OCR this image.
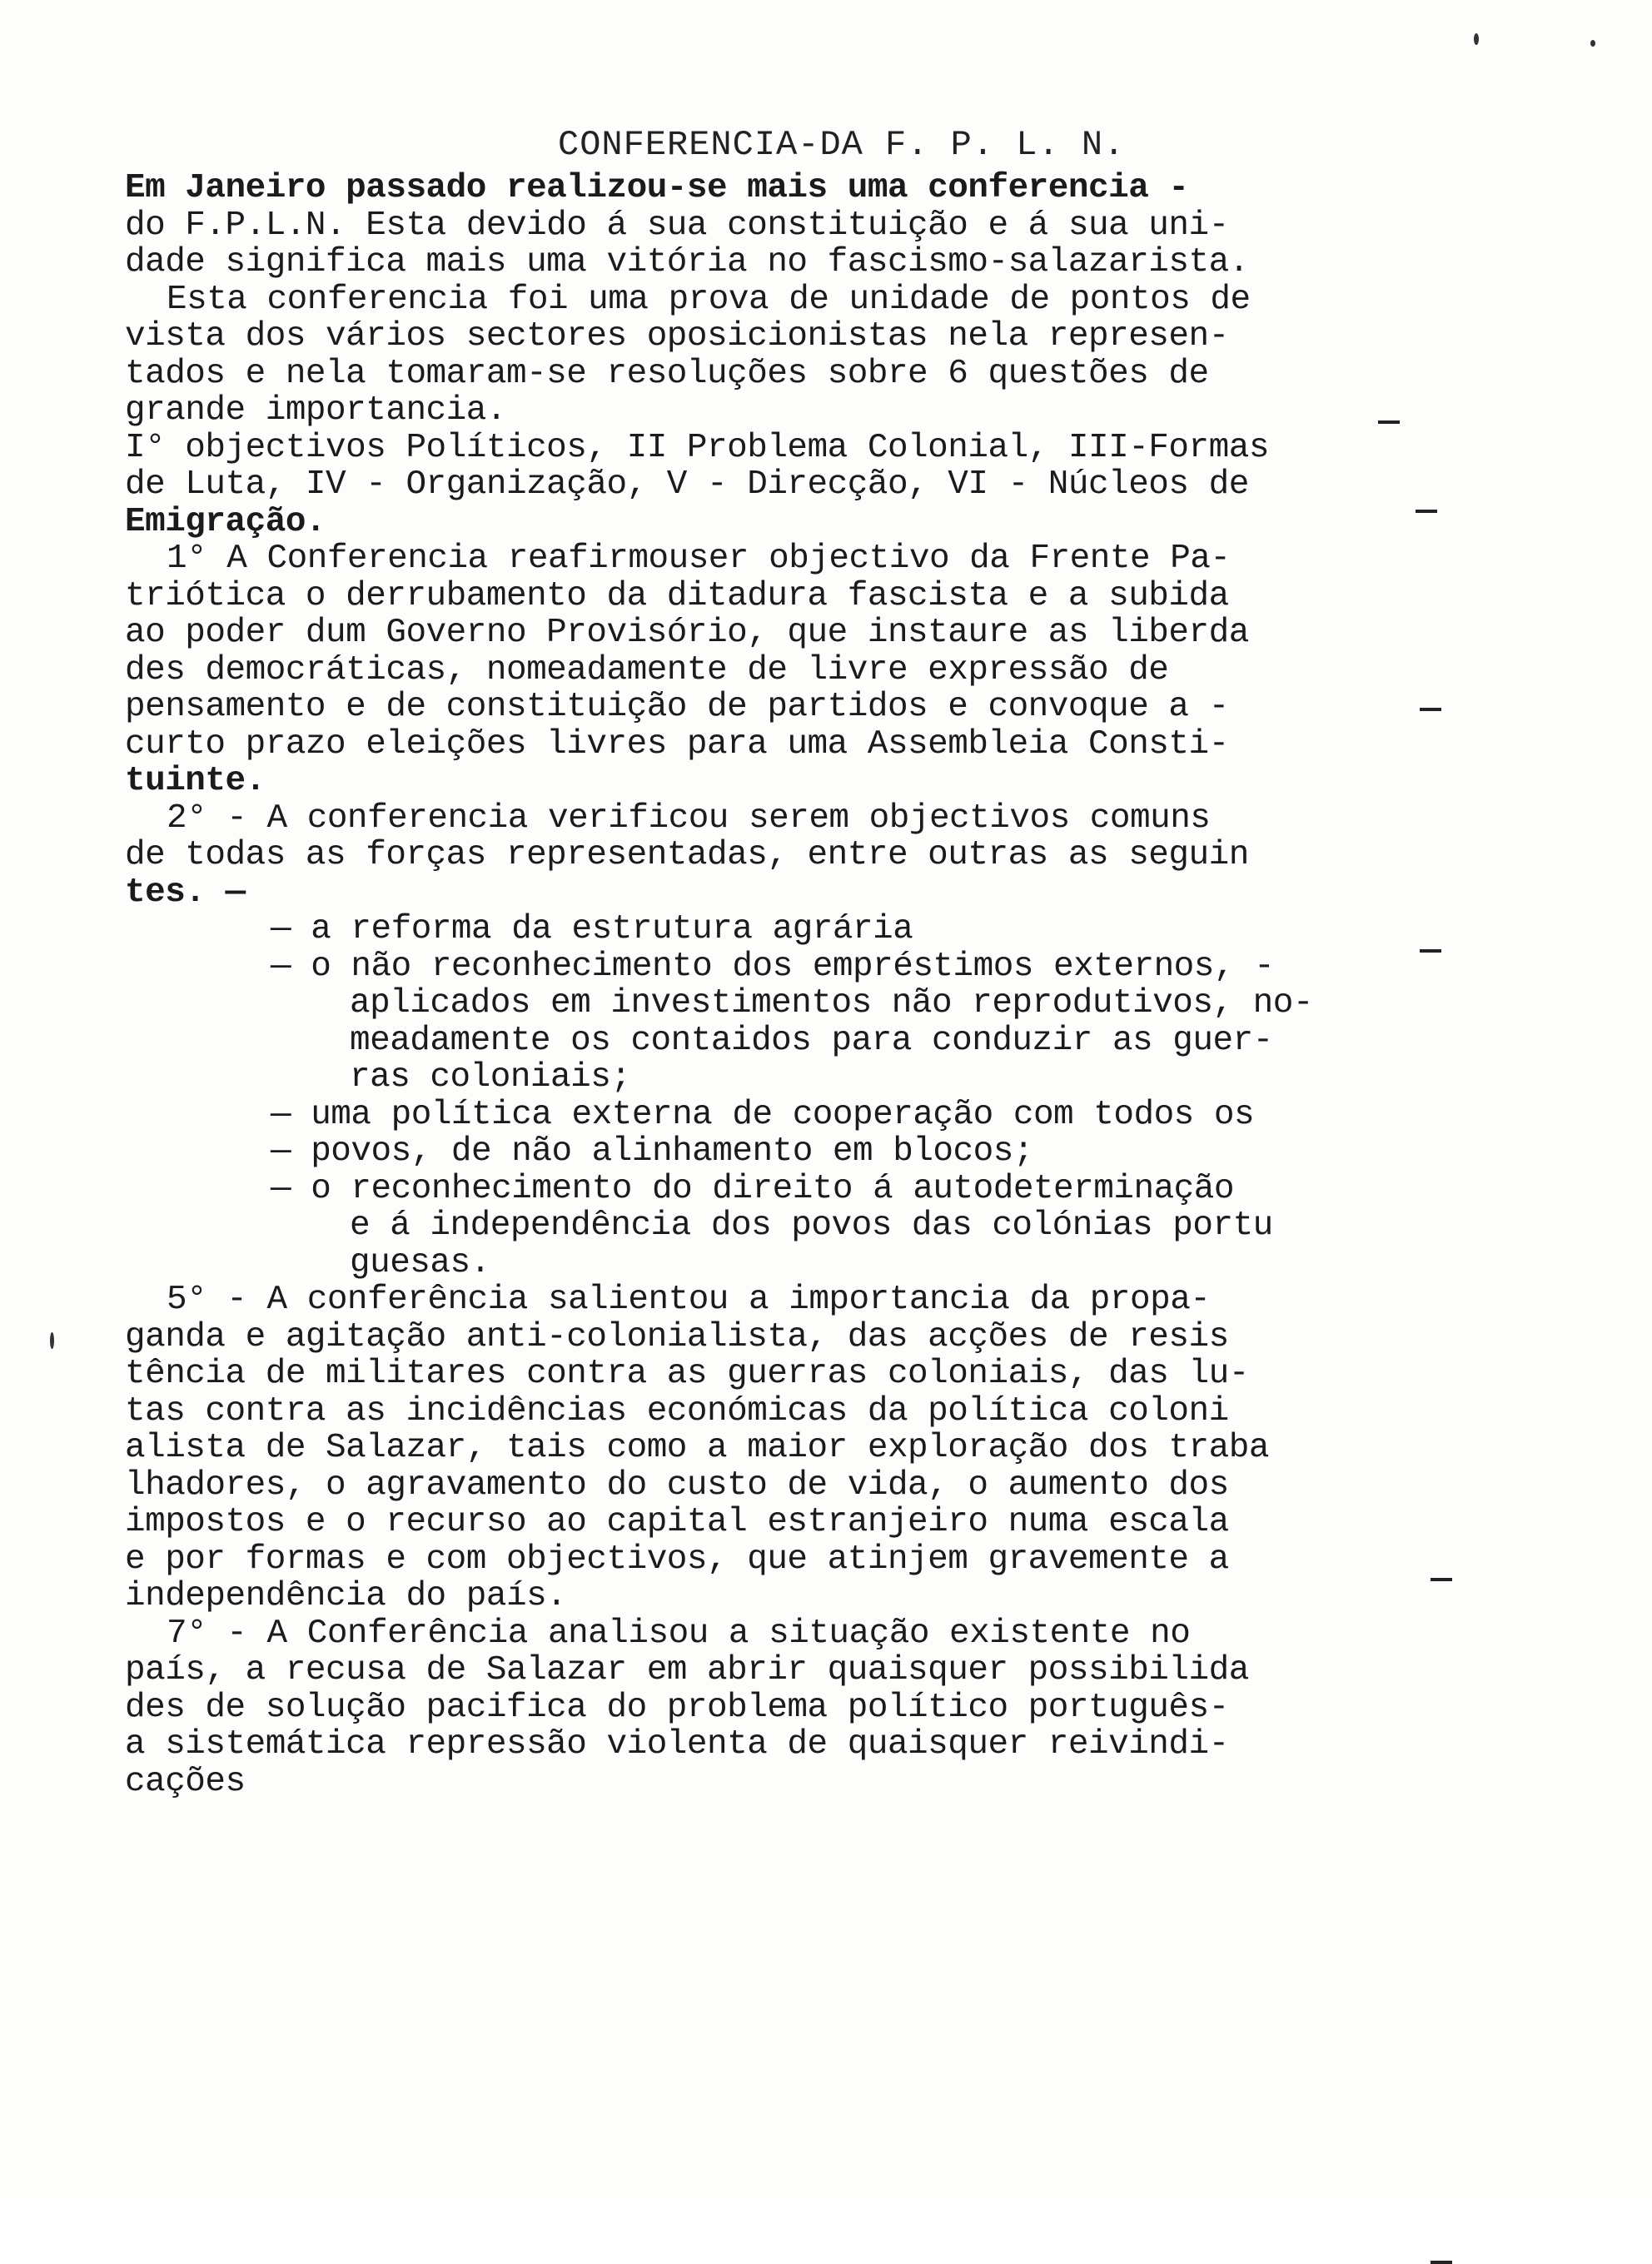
CONFERENCIA-DA F. P. L. N.
Em Janeiro passado realizou-se mais uma conferencia -
do F.P.L.N. Esta devido á sua constituição e á sua uni-
dade significa mais uma vitória no fascismo-salazarista.
Esta conferencia foi uma prova de unidade de pontos de
vista dos vários sectores oposicionistas nela represen-
tados e nela tomaram-se resoluções sobre 6 questões de
grande importancia.
I° objectivos Políticos, II Problema Colonial, III-Formas
de Luta, IV - Organização, V - Direcção, VI - Núcleos de
Emigração.
1° A Conferencia reafirmouser objectivo da Frente Pa-
triótica o derrubamento da ditadura fascista e a subida
ao poder dum Governo Provisório, que instaure as liberda
des democráticas, nomeadamente de livre expressão de
pensamento e de constituição de partidos e convoque a -
curto prazo eleições livres para uma Assembleia Consti-
tuinte.
2° - A conferencia verificou serem objectivos comuns
de todas as forças representadas, entre outras as seguin
tes. —
— a reforma da estrutura agrária
— o não reconhecimento dos empréstimos externos, -
aplicados em investimentos não reprodutivos, no-
meadamente os contaidos para conduzir as guer-
ras coloniais;
— uma política externa de cooperação com todos os
— povos, de não alinhamento em blocos;
— o reconhecimento do direito á autodeterminação
e á independência dos povos das colónias portu
guesas.
5° - A conferência salientou a importancia da propa-
ganda e agitação anti-colonialista, das acções de resis
tência de militares contra as guerras coloniais, das lu-
tas contra as incidências económicas da política coloni
alista de Salazar, tais como a maior exploração dos traba
lhadores, o agravamento do custo de vida, o aumento dos
impostos e o recurso ao capital estranjeiro numa escala
e por formas e com objectivos, que atinjem gravemente a
independência do país.
7° - A Conferência analisou a situação existente no
país, a recusa de Salazar em abrir quaisquer possibilida
des de solução pacifica do problema político português-
a sistemática repressão violenta de quaisquer reivindi-
cações
